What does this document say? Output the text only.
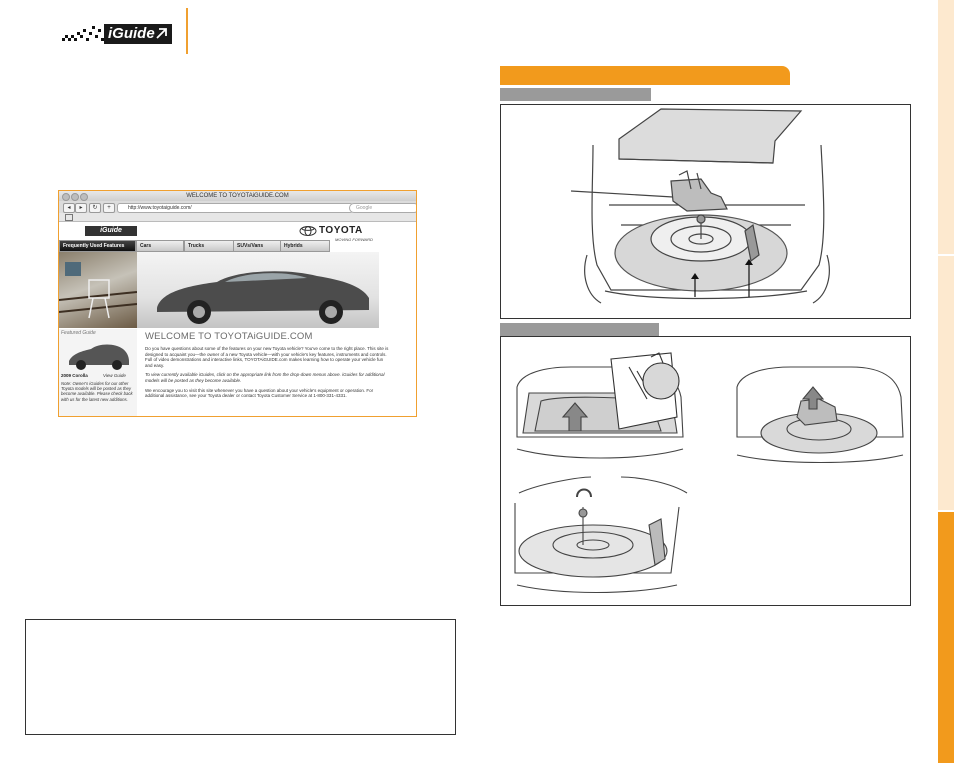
iGuide
WELCOME TO TOYOTAiGUIDE.COM
◂	▸	↻	+	http://www.toyotaiguide.com/	Google
iGuide	TOYOTA
MOVING FORWARD
Frequently Used Features	Cars	Trucks	SUVs/Vans	Hybrids
Featured Guide
2009 Corolla	View Guide
Note: Owner's iGuides for our other Toyota models will be posted as they become available. Please check back with us for the latest new additions.
WELCOME TO TOYOTAiGUIDE.COM

Do you have questions about some of the features on your new Toyota vehicle? You've come to the right place. This site is designed to acquaint you—the owner of a new Toyota vehicle—with your vehicle's key features, instruments and controls. Full of video demonstrations and interactive links, TOYOTAiGUIDE.com makes learning how to operate your vehicle fun and easy.

To view currently available iGuides, click on the appropriate link from the drop-down menus above. iGuides for additional models will be posted as they become available.

We encourage you to visit this site whenever you have a question about your vehicle's equipment or operation. For additional assistance, see your Toyota dealer or contact Toyota Customer Service at 1-800-331-4331.
